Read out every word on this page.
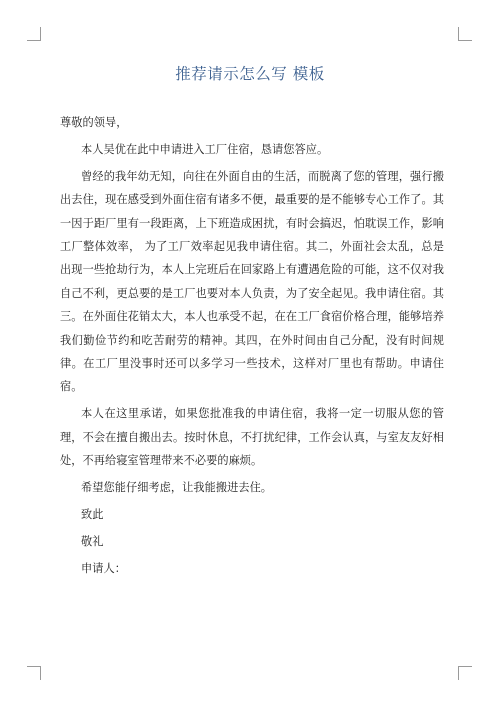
推荐请示怎么写 模板

尊敬的领导，

本人吴优在此中申请进入工厂住宿，恳请您答应。

曾经的我年幼无知，向往在外面自由的生活，而脱离了您的管理，强行搬出去住，现在感受到外面住宿有诸多不便，最重要的是不能够专心工作了。其一因于距厂里有一段距离，上下班造成困扰，有时会搞迟，怕耽误工作，影响工厂整体效率， 为了工厂效率起见我申请住宿。其二，外面社会太乱，总是出现一些抢劫行为，本人上完班后在回家路上有遭遇危险的可能，这不仅对我自己不利，更总要的是工厂也要对本人负责，为了安全起见。我申请住宿。其三。在外面住花销太大，本人也承受不起，在在工厂食宿价格合理，能够培养我们勤俭节约和吃苦耐劳的精神。其四，在外时间由自己分配，没有时间规律。在工厂里没事时还可以多学习一些技术，这样对厂里也有帮助。申请住宿。

本人在这里承诺，如果您批准我的申请住宿，我将一定一切服从您的管理，不会在擅自搬出去。按时休息，不打扰纪律，工作会认真，与室友友好相处，不再给寝室管理带来不必要的麻烦。

希望您能仔细考虑，让我能搬进去住。

致此

敬礼

申请人：
